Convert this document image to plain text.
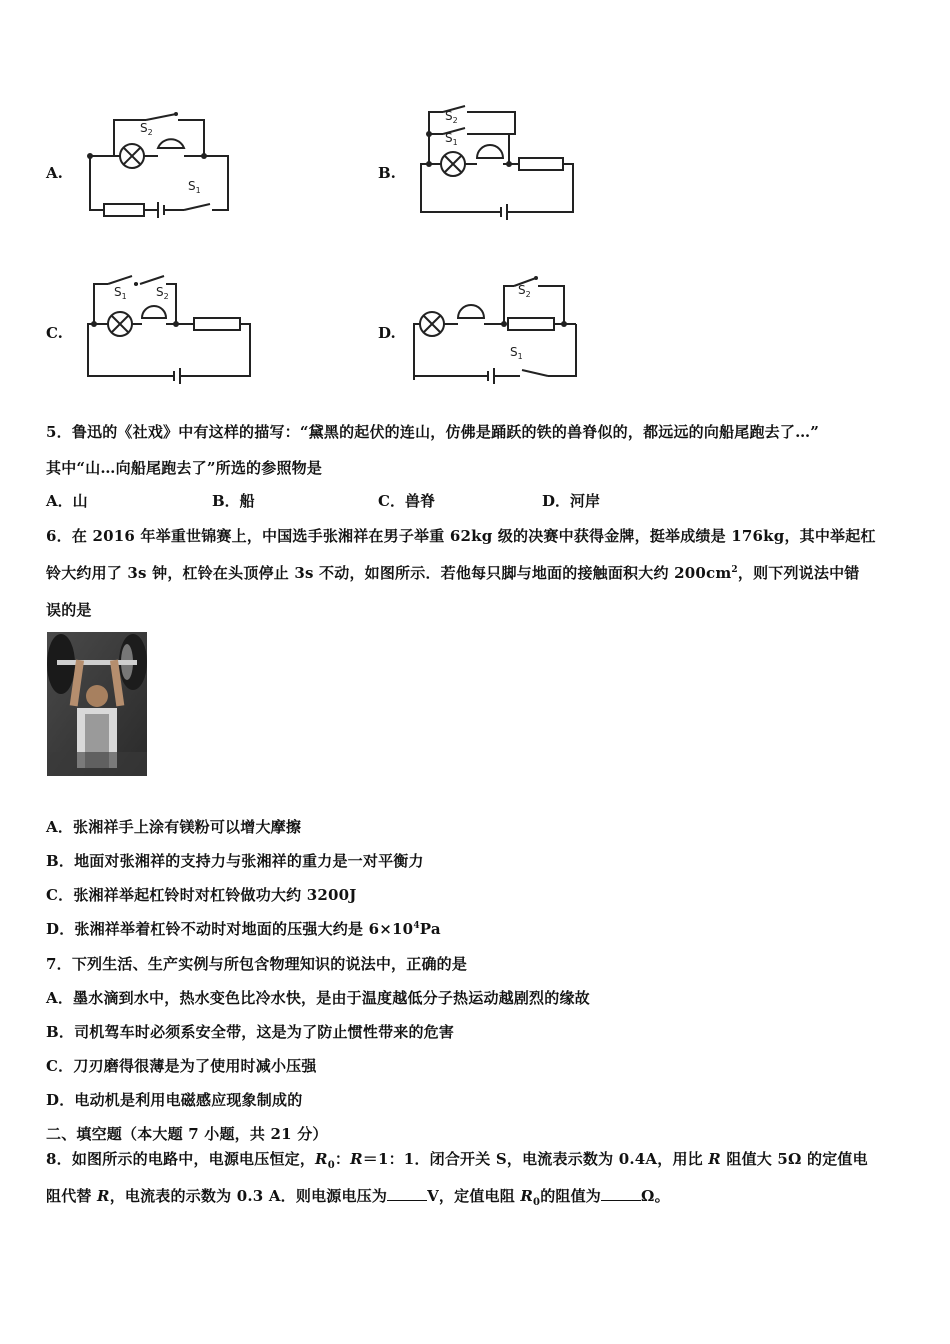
A.
$S_2$
$S_1$
B.
$S_2$
$S_1$
C.
$S_1$ $S_2$
D.
$S_2$
$S_1$
5．鲁迅的《社戏》中有这样的描写：“黛黑的起伏的连山，仿佛是踊跃的铁的兽脊似的，都远远的向船尾跑去了…”
其中“山…向船尾跑去了”所选的参照物是
A．山	B．船	C．兽脊	D．河岸
6．在 2016 年举重世锦赛上，中国选手张湘祥在男子举重 62kg 级的决赛中获得金牌，挺举成绩是 176kg，其中举起杠
铃大约用了 3s 钟，杠铃在头顶停止 3s 不动，如图所示．若他每只脚与地面的接触面积大约 $200cm^2$，则下列说法中错
误的是
A．张湘祥手上涂有镁粉可以增大摩擦
B．地面对张湘祥的支持力与张湘祥的重力是一对平衡力
C．张湘祥举起杠铃时对杠铃做功大约 3200J
D．张湘祥举着杠铃不动时对地面的压强大约是 $6\times 10^4Pa$
7．下列生活、生产实例与所包含物理知识的说法中，正确的是
A．墨水滴到水中，热水变色比冷水快，是由于温度越低分子热运动越剧烈的缘故
B．司机驾车时必须系安全带，这是为了防止惯性带来的危害
C．刀刃磨得很薄是为了使用时减小压强
D．电动机是利用电磁感应现象制成的
二、填空题（本大题 7 小题，共 21 分）
8．如图所示的电路中，电源电压恒定，$R_0$：R＝1：1．闭合开关 S，电流表示数为 0.4A，用比 R 阻值大 5Ω 的定值电
阻代替 R，电流表的示数为 0.3 A．则电源电压为	V，定值电阻 $R_0$的阻值为	Ω。
